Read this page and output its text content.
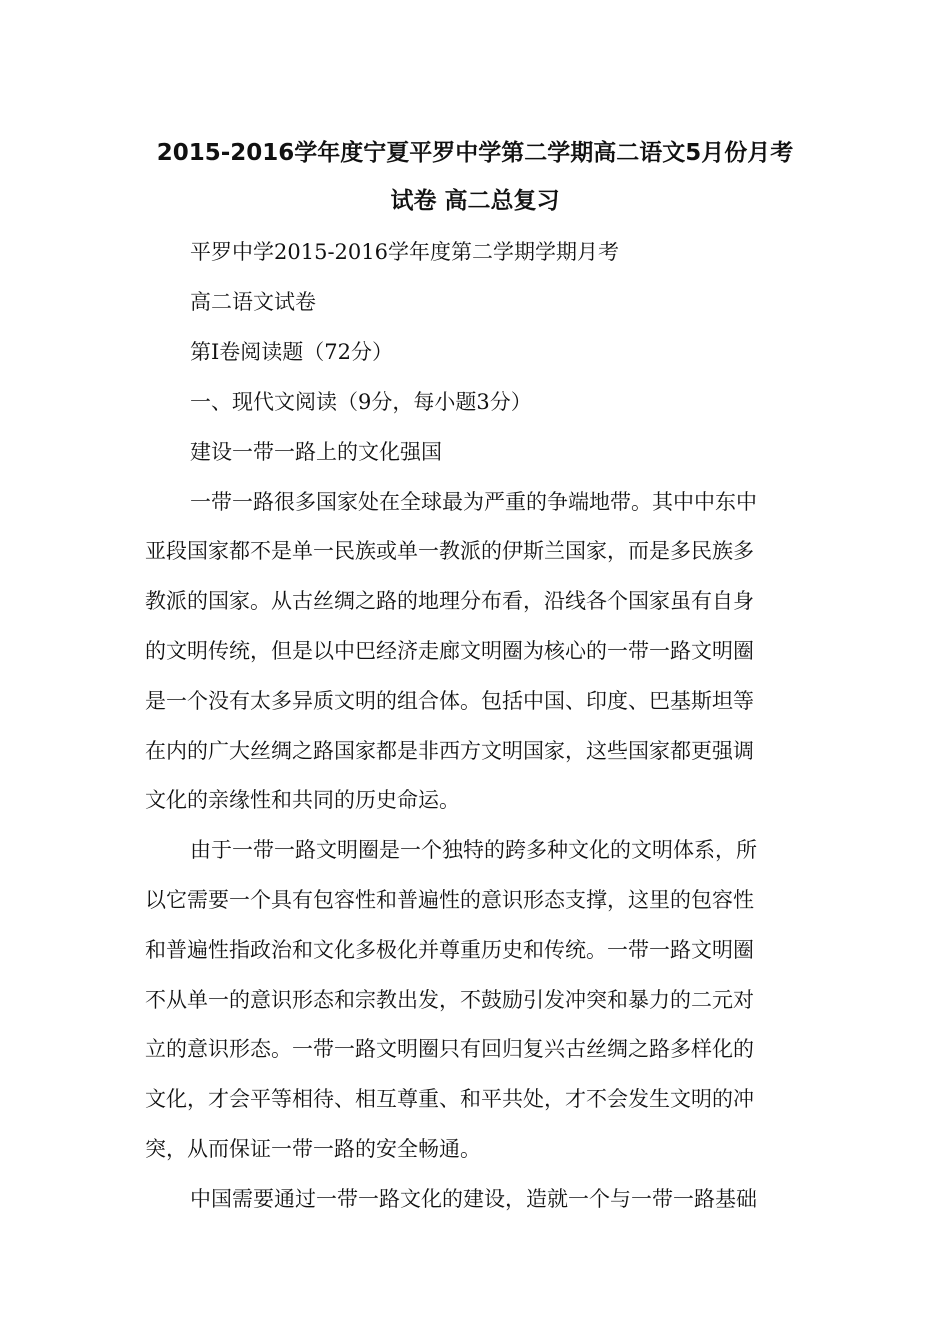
2015-2016学年度宁夏平罗中学第二学期高二语文5月份月考
试卷 高二总复习
平罗中学2015-2016学年度第二学期学期月考
高二语文试卷
第Ⅰ卷阅读题（72分）
一、现代文阅读（9分，每小题3分）
建设一带一路上的文化强国
一带一路很多国家处在全球最为严重的争端地带。其中中东中
亚段国家都不是单一民族或单一教派的伊斯兰国家，而是多民族多
教派的国家。从古丝绸之路的地理分布看，沿线各个国家虽有自身
的文明传统，但是以中巴经济走廊文明圈为核心的一带一路文明圈
是一个没有太多异质文明的组合体。包括中国、印度、巴基斯坦等
在内的广大丝绸之路国家都是非西方文明国家，这些国家都更强调
文化的亲缘性和共同的历史命运。
由于一带一路文明圈是一个独特的跨多种文化的文明体系，所
以它需要一个具有包容性和普遍性的意识形态支撑，这里的包容性
和普遍性指政治和文化多极化并尊重历史和传统。一带一路文明圈
不从单一的意识形态和宗教出发，不鼓励引发冲突和暴力的二元对
立的意识形态。一带一路文明圈只有回归复兴古丝绸之路多样化的
文化，才会平等相待、相互尊重、和平共处，才不会发生文明的冲
突，从而保证一带一路的安全畅通。
中国需要通过一带一路文化的建设，造就一个与一带一路基础
